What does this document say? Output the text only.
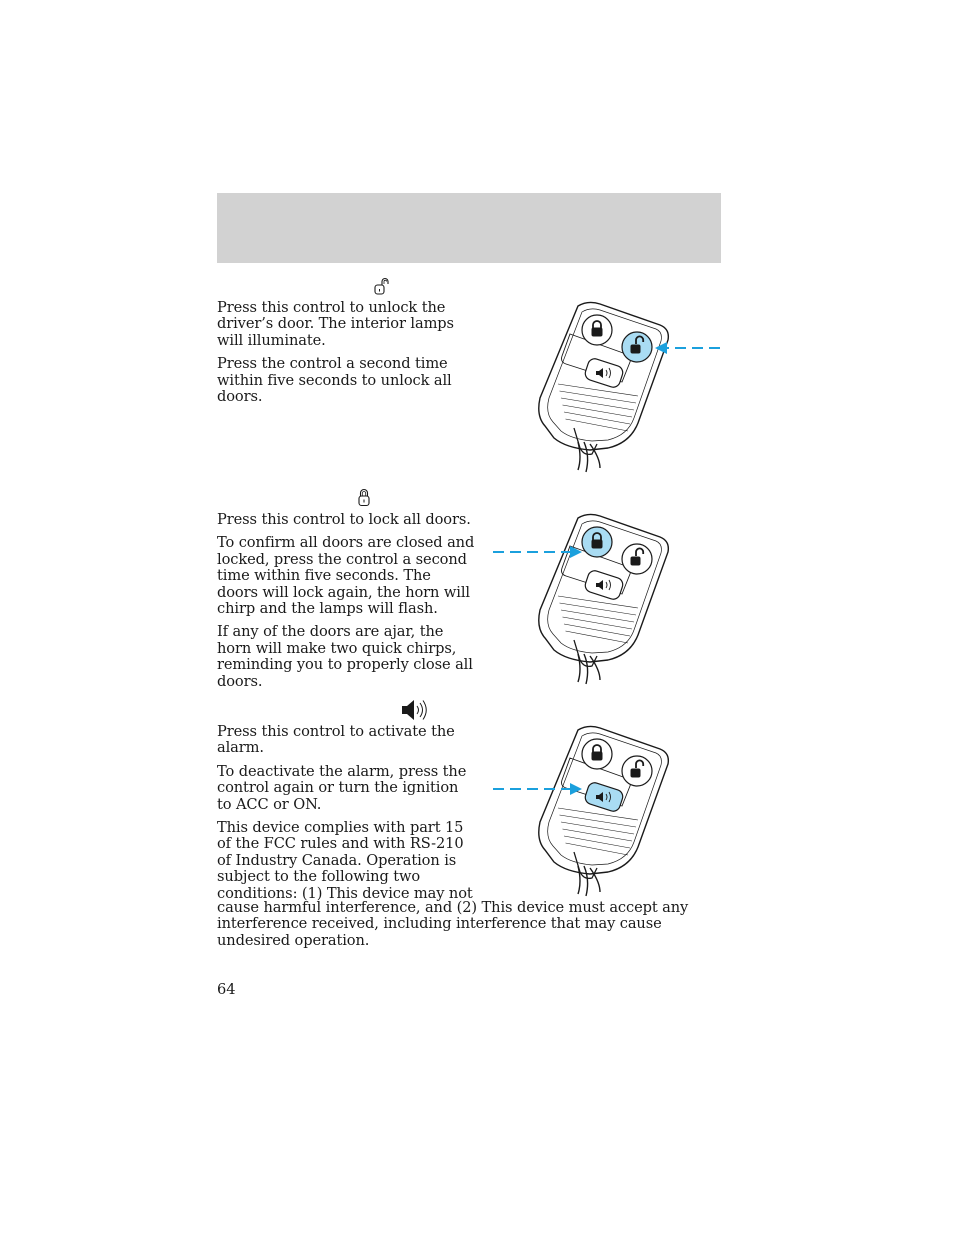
Press this control to unlock the driver’s door. The interior lamps will illuminate.

Press the control a second time within five seconds to unlock all doors.

Press this control to lock all doors.

To confirm all doors are closed and locked, press the control a second time within five seconds. The doors will lock again, the horn will chirp and the lamps will flash.

If any of the doors are ajar, the horn will make two quick chirps, reminding you to properly close all doors.

Press this control to activate the alarm.

To deactivate the alarm, press the control again or turn the ignition to ACC or ON.

This device complies with part 15 of the FCC rules and with RS-210 of Industry Canada. Operation is subject to the following two conditions: (1) This device may not

cause harmful interference, and (2) This device must accept any interference received, including interference that may cause undesired operation.

64
